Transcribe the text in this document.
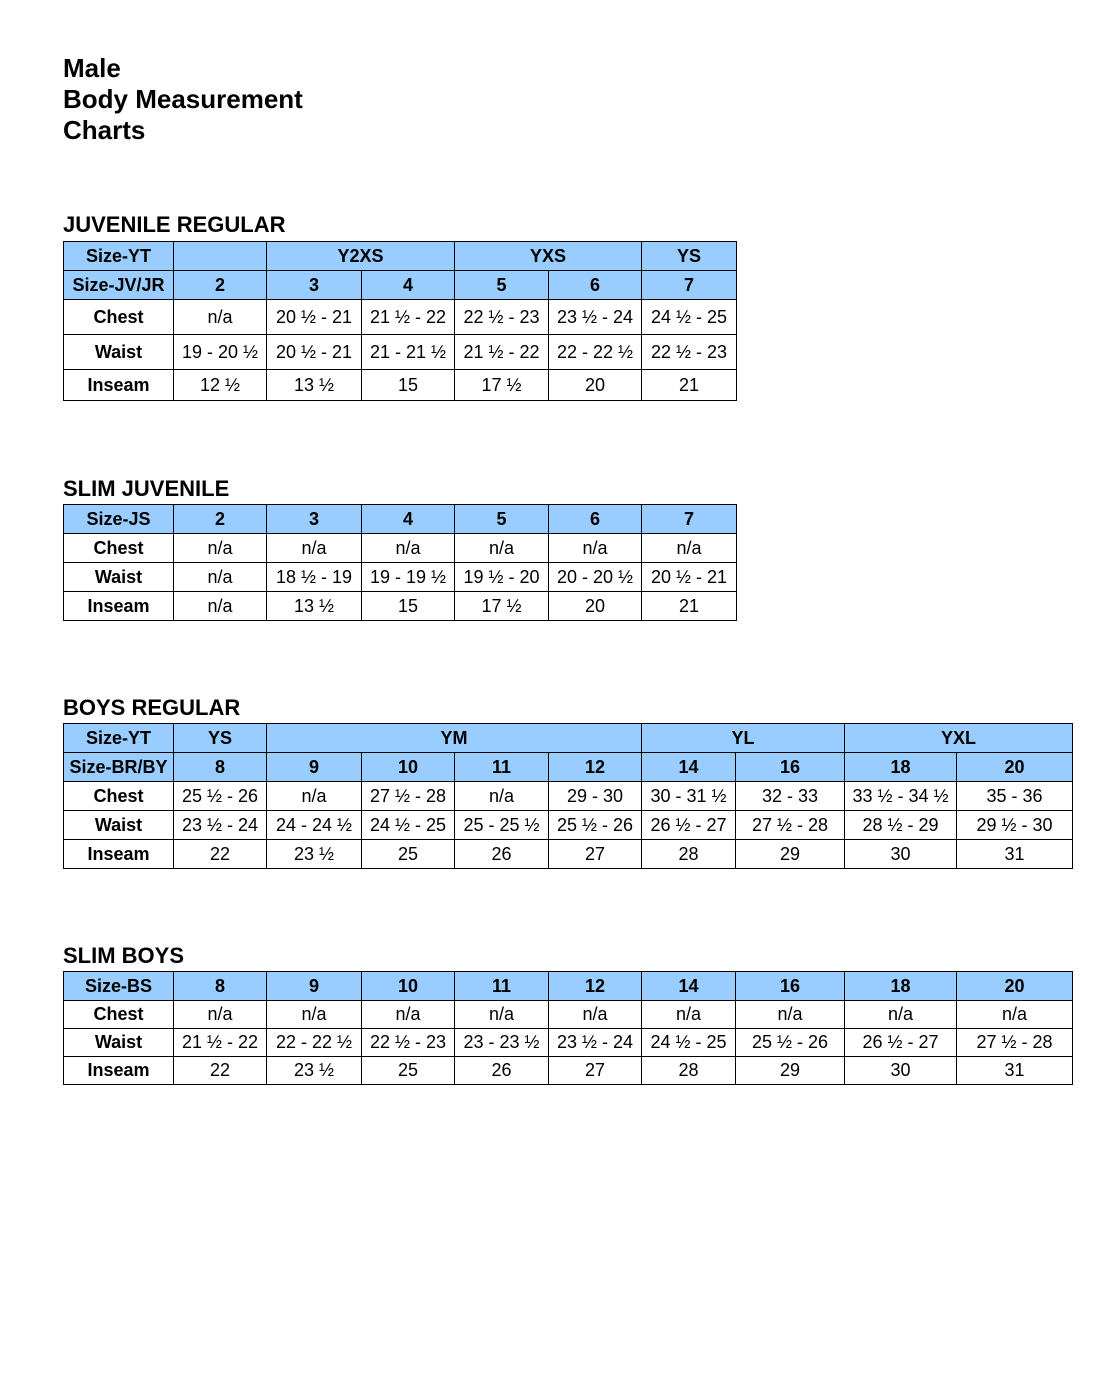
Male
Body Measurement
Charts
JUVENILE REGULAR
Size-YT		Y2XS		YXS		YS
Size-JV/JR	2	3	4	5	6	7
Chest	n/a	20 ½ - 21	21 ½ - 22	22 ½ - 23	23 ½ - 24	24 ½ - 25
Waist	19 - 20 ½	20 ½ - 21	21 - 21 ½	21 ½ - 22	22 - 22 ½	22 ½ - 23
Inseam	12 ½	13 ½	15	17 ½	20	21
SLIM JUVENILE
Size-JS	2	3	4	5	6	7
Chest	n/a	n/a	n/a	n/a	n/a	n/a
Waist	n/a	18 ½ - 19	19 - 19 ½	19 ½ - 20	20 - 20 ½	20 ½ - 21
Inseam	n/a	13 ½	15	17 ½	20	21
BOYS REGULAR
Size-YT	YS	YM				YL		YXL	
Size-BR/BY	8	9	10	11	12	14	16	18	20
Chest	25 ½ - 26	n/a	27 ½ - 28	n/a	29 - 30	30 - 31 ½	32 - 33	33 ½ - 34 ½	35 - 36
Waist	23 ½ - 24	24 - 24 ½	24 ½ - 25	25 - 25 ½	25 ½ - 26	26 ½ - 27	27 ½ - 28	28 ½ - 29	29 ½ - 30
Inseam	22	23 ½	25	26	27	28	29	30	31
SLIM BOYS
Size-BS	8	9	10	11	12	14	16	18	20
Chest	n/a	n/a	n/a	n/a	n/a	n/a	n/a	n/a	n/a
Waist	21 ½ - 22	22 - 22 ½	22 ½ - 23	23 - 23 ½	23 ½ - 24	24 ½ - 25	25 ½ - 26	26 ½ - 27	27 ½ - 28
Inseam	22	23 ½	25	26	27	28	29	30	31
